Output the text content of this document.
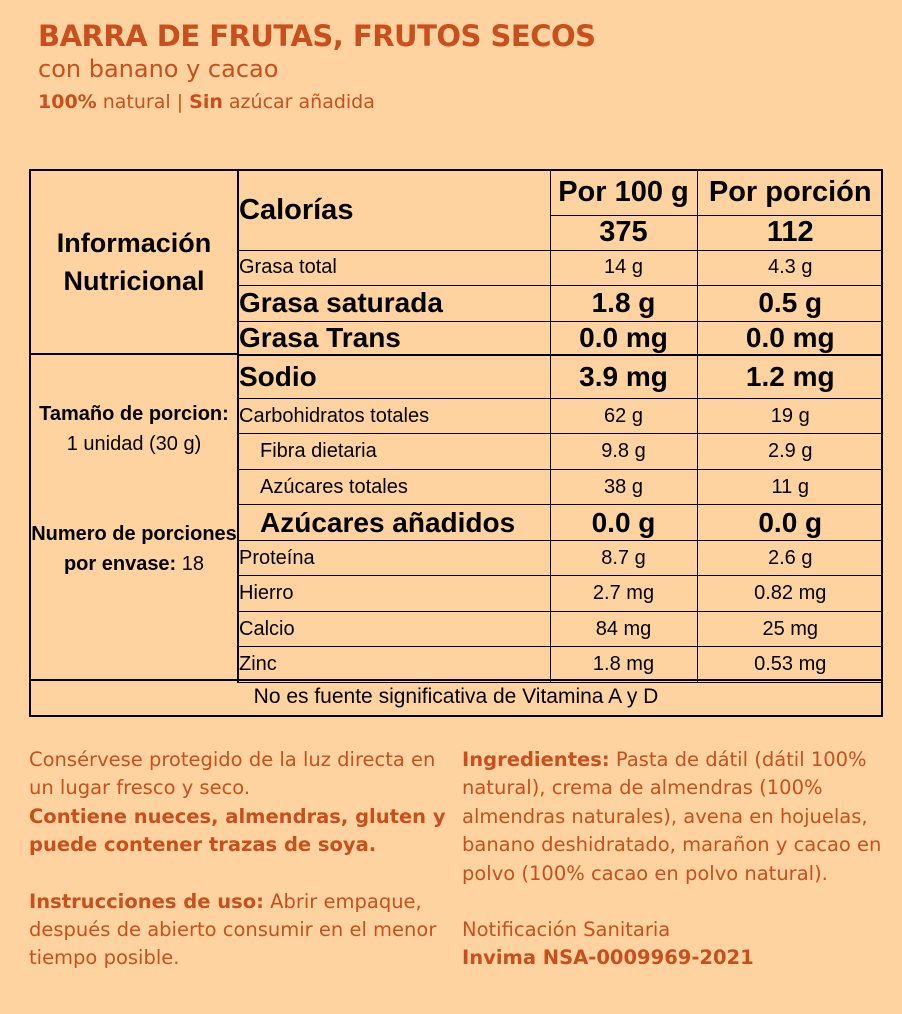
BARRA DE FRUTAS, FRUTOS SECOS
con banano y cacao
100% natural | Sin azúcar añadida
Información
Nutricional
Tamaño de porcion: 1 unidad (30 g)
Numero de porciones por envase: 18
Calorías	Por 100 g	Por porción
	375	112
Grasa total	14 g	4.3 g
Grasa saturada	1.8 g	0.5 g
Grasa Trans	0.0 mg	0.0 mg
Sodio	3.9 mg	1.2 mg
Carbohidratos totales	62 g	19 g
Fibra dietaria	9.8 g	2.9 g
Azúcares totales	38 g	11 g
Azúcares añadidos	0.0 g	0.0 g
Proteína	8.7 g	2.6 g
Hierro	2.7 mg	0.82 mg
Calcio	84 mg	25 mg
Zinc	1.8 mg	0.53 mg
No es fuente significativa de Vitamina A y D
Consérvese protegido de la luz directa en un lugar fresco y seco.
Contiene nueces, almendras, gluten y puede contener trazas de soya.
Instrucciones de uso: Abrir empaque, después de abierto consumir en el menor tiempo posible.
Ingredientes: Pasta de dátil (dátil 100% natural), crema de almendras (100% almendras naturales), avena en hojuelas, banano deshidratado, marañon y cacao en polvo (100% cacao en polvo natural).
Notificación Sanitaria
Invima NSA-0009969-2021
